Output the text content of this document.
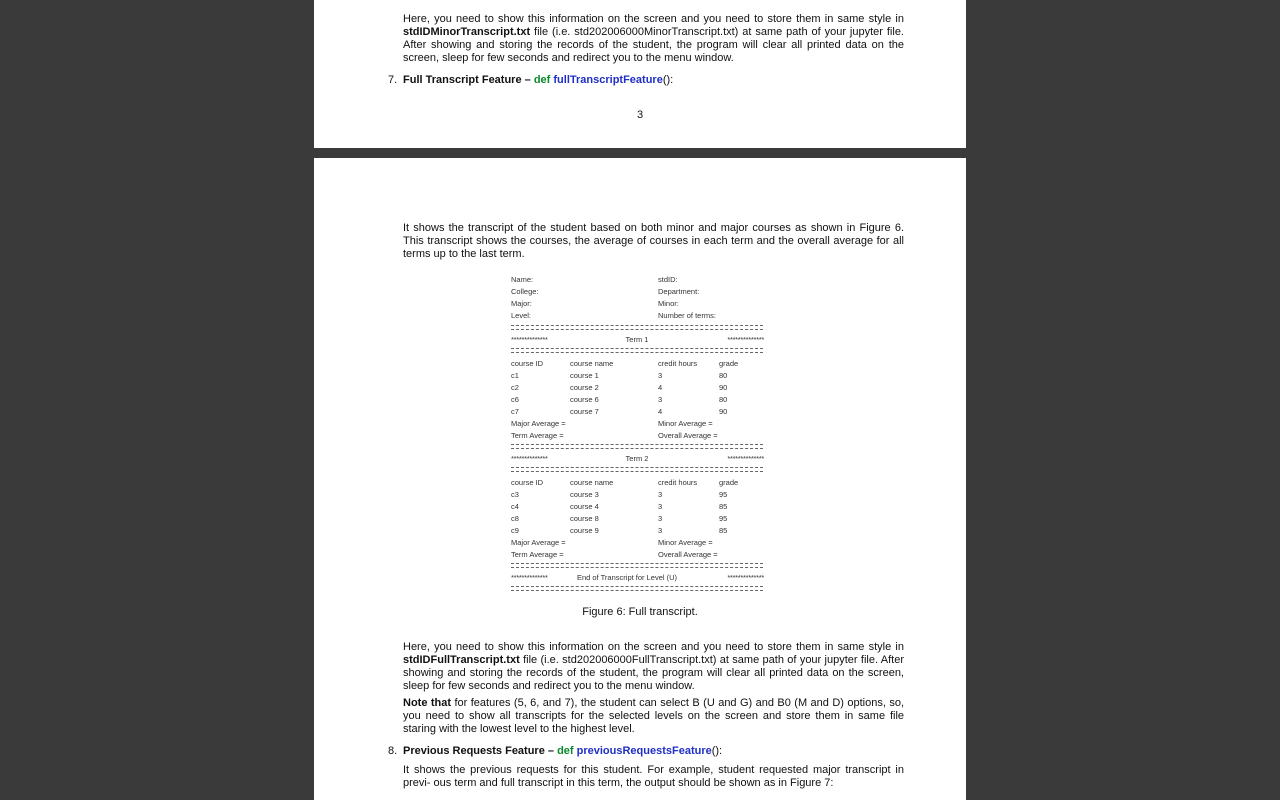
Here, you need to show this information on the screen and you need to store them in same style in stdIDMinorTranscript.txt file (i.e. std202006000MinorTranscript.txt) at same path of your jupyter file. After showing and storing the records of the student, the program will clear all printed data on the screen, sleep for few seconds and redirect you to the menu window.

7. Full Transcript Feature – def fullTranscriptFeature():

3

It shows the transcript of the student based on both minor and major courses as shown in Figure 6. This transcript shows the courses, the average of courses in each term and the overall average for all terms up to the last term.

Name:	stdID:
College:	Department:
Major:	Minor:
Level:	Number of terms:
**************	Term 1	**************
course ID	course name	credit hours	grade
c1	course 1	3	80
c2	course 2	4	90
c6	course 6	3	80
c7	course 7	4	90
Major Average =	Minor Average =
Term Average =	Overall Average =
**************	Term 2	**************
course ID	course name	credit hours	grade
c3	course 3	3	95
c4	course 4	3	85
c8	course 8	3	95
c9	course 9	3	85
Major Average =	Minor Average =
Term Average =	Overall Average =
**************	End of Transcript for Level (U)	**************
Figure 6: Full transcript.

Here, you need to show this information on the screen and you need to store them in same style in stdIDFullTranscript.txt file (i.e. std202006000FullTranscript.txt) at same path of your jupyter file. After showing and storing the records of the student, the program will clear all printed data on the screen, sleep for few seconds and redirect you to the menu window.

Note that for features (5, 6, and 7), the student can select B (U and G) and B0 (M and D) options, so, you need to show all transcripts for the selected levels on the screen and store them in same file staring with the lowest level to the highest level.

8. Previous Requests Feature – def previousRequestsFeature():

It shows the previous requests for this student. For example, student requested major transcript in previ- ous term and full transcript in this term, the output should be shown as in Figure 7:
